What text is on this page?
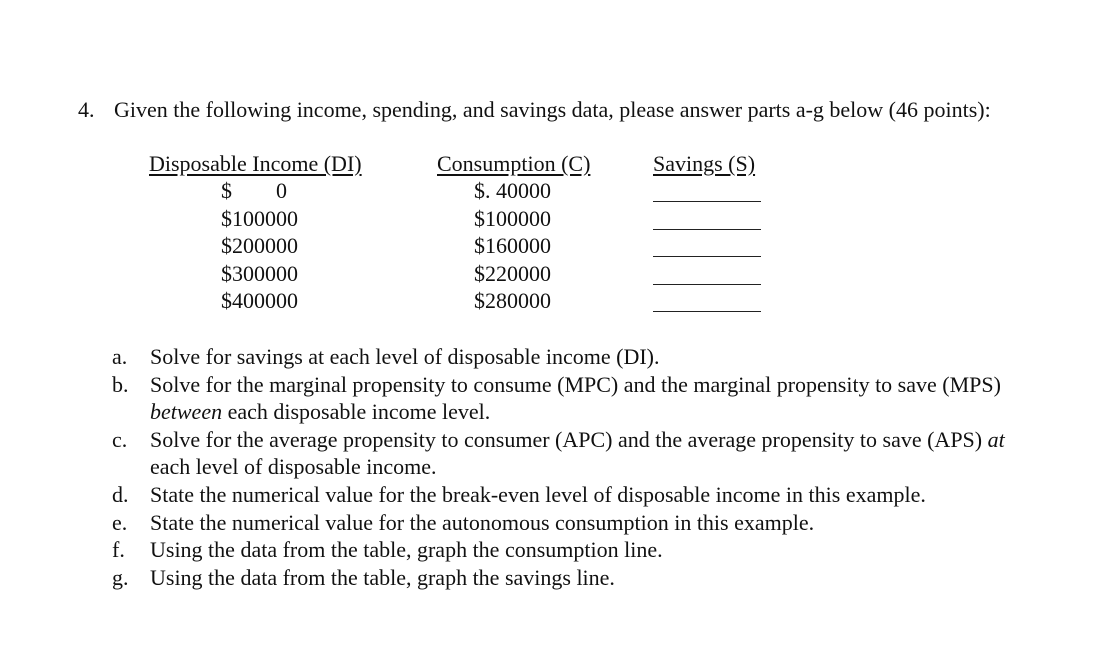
4. Given the following income, spending, and savings data, please answer parts a-g below (46 points):
Disposable Income (DI)	Consumption (C)	Savings (S)
$        0	$. 40000
$100000	$100000
$200000	$160000
$300000	$220000
$400000	$280000
a. Solve for savings at each level of disposable income (DI).
b. Solve for the marginal propensity to consume (MPC) and the marginal propensity to save (MPS) between each disposable income level.
c. Solve for the average propensity to consumer (APC) and the average propensity to save (APS) at each level of disposable income.
d. State the numerical value for the break-even level of disposable income in this example.
e. State the numerical value for the autonomous consumption in this example.
f. Using the data from the table, graph the consumption line.
g. Using the data from the table, graph the savings line.
